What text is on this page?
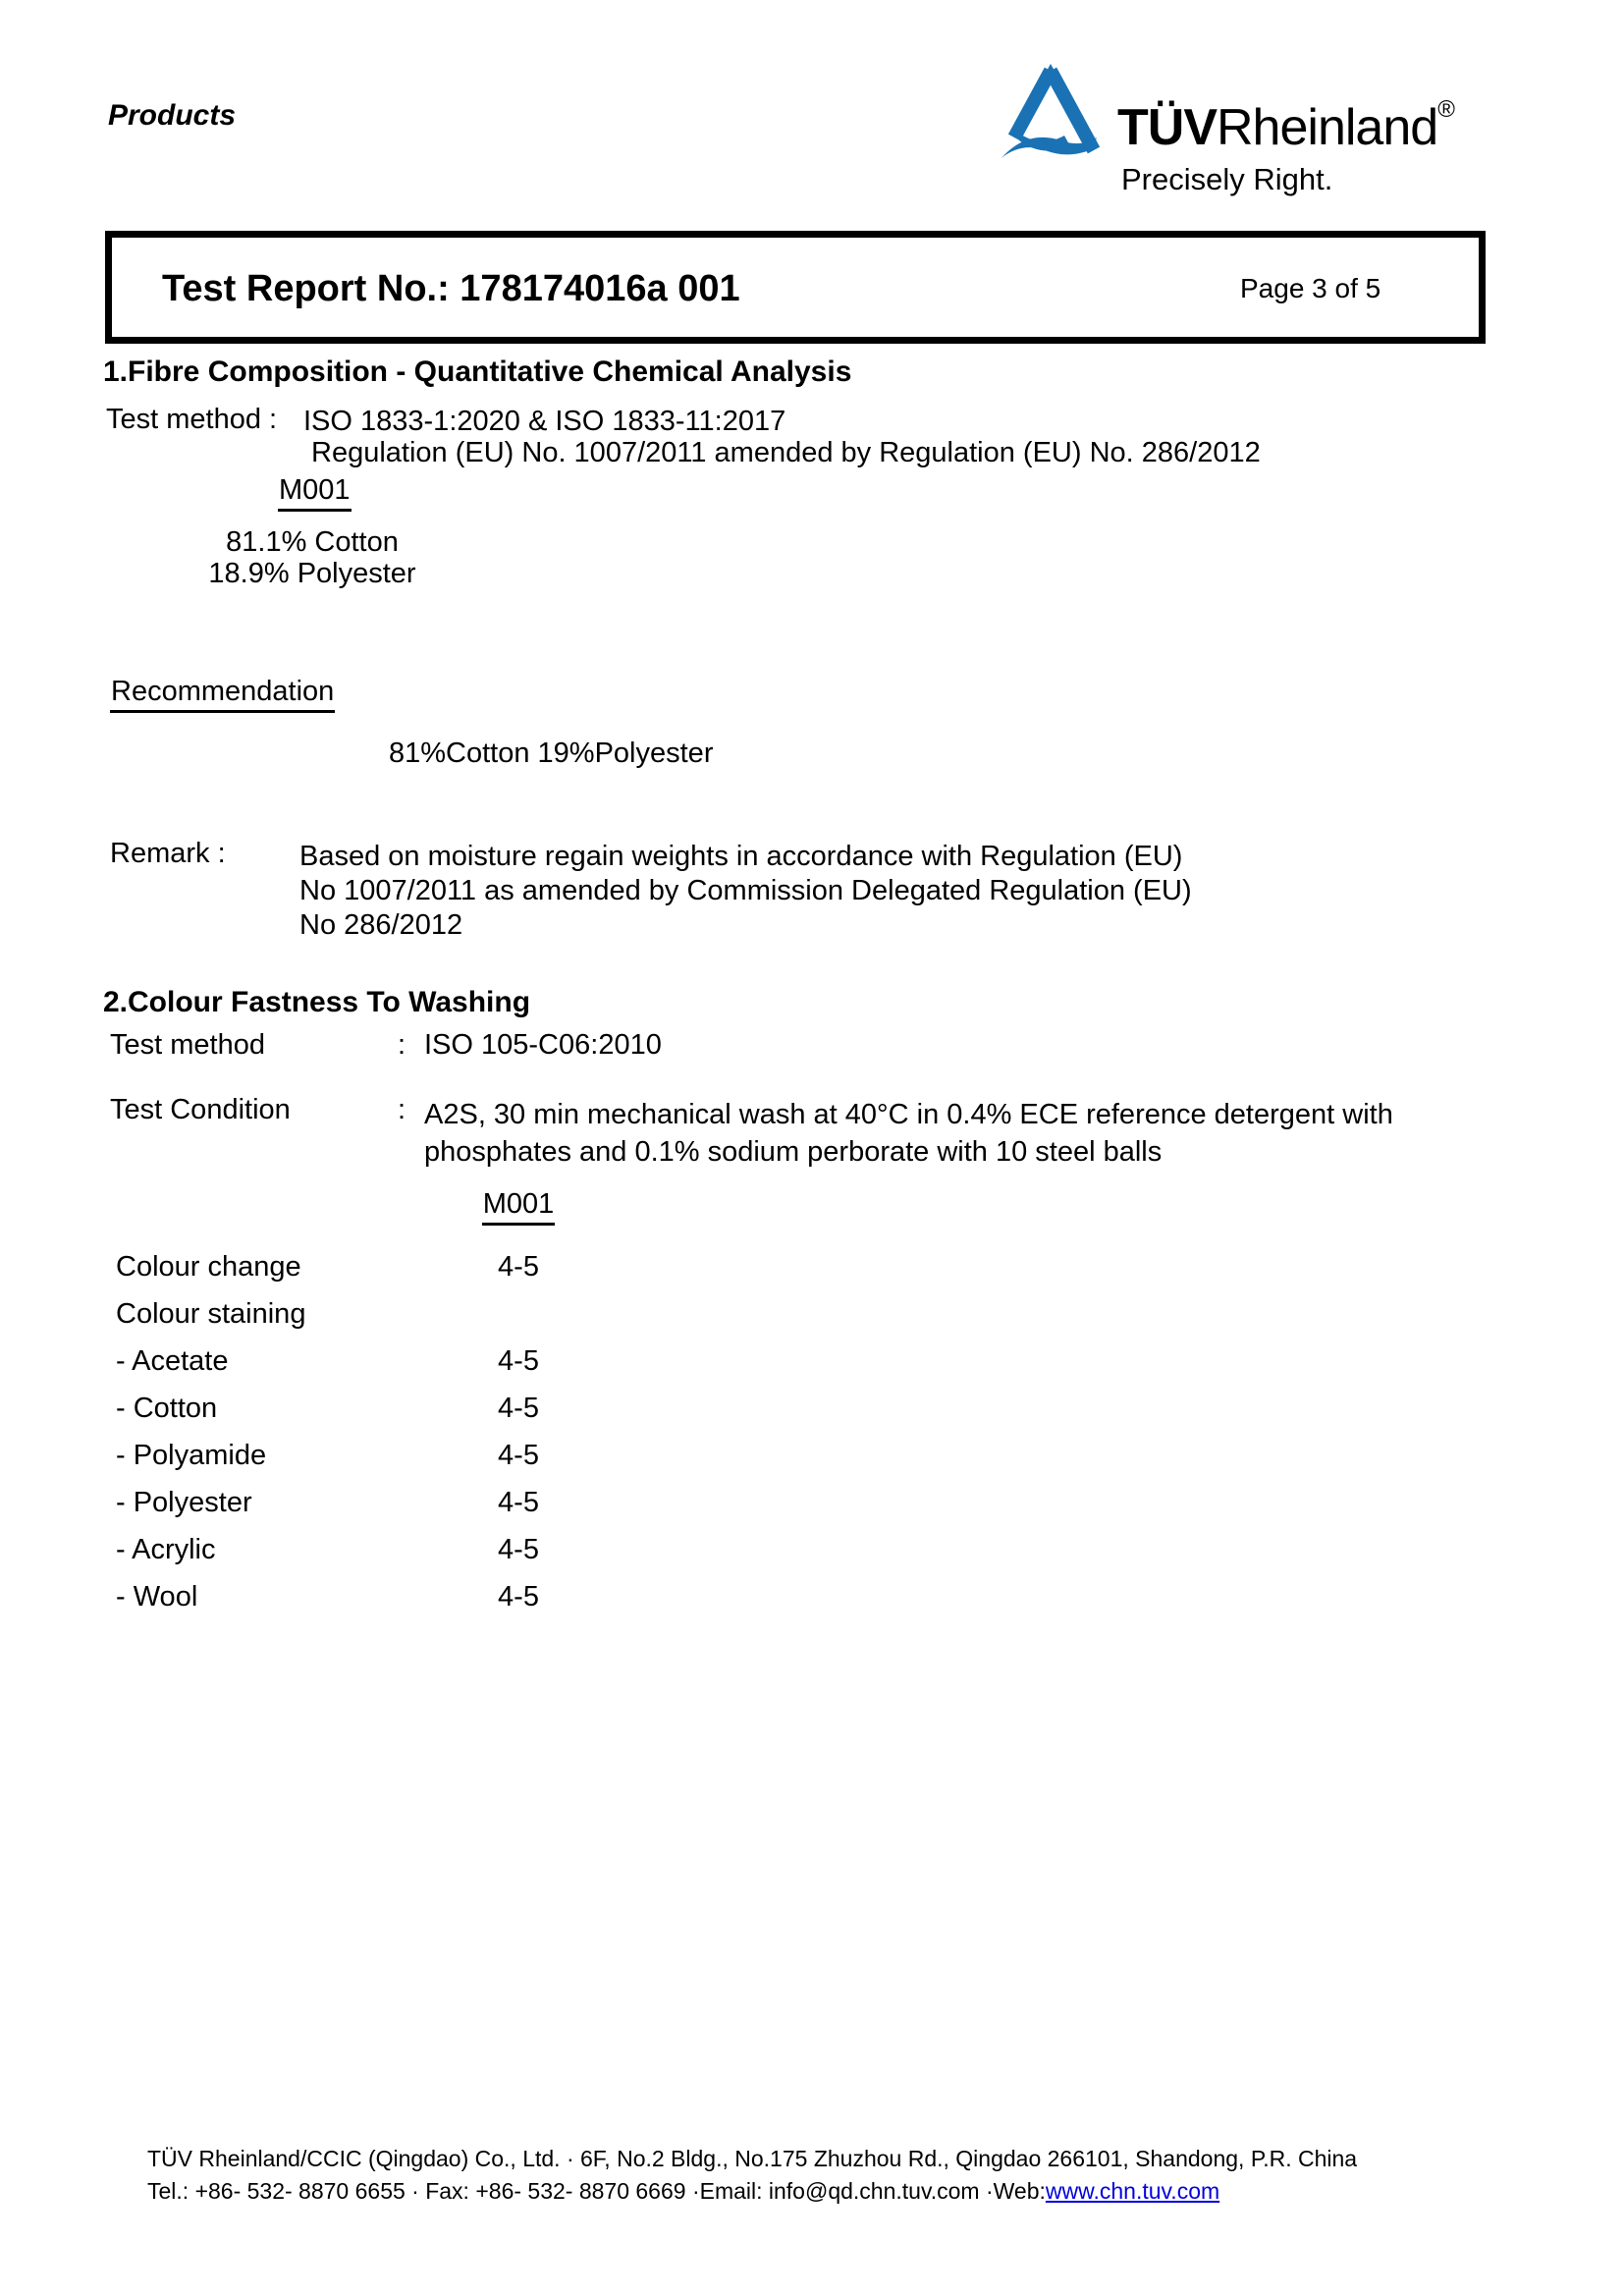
Products	TÜVRheinland®
Precisely Right.
Test Report No.: 178174016a 001	Page 3 of 5
1.Fibre Composition - Quantitative Chemical Analysis
Test method : ISO 1833-1:2020 & ISO 1833-11:2017
Regulation (EU) No. 1007/2011 amended by Regulation (EU) No. 286/2012
M001
81.1% Cotton
18.9% Polyester
Recommendation
81%Cotton 19%Polyester
Remark :	Based on moisture regain weights in accordance with Regulation (EU)
No 1007/2011 as amended by Commission Delegated Regulation (EU)
No 286/2012
2.Colour Fastness To Washing
Test method	: ISO 105-C06:2010
Test Condition	: A2S, 30 min mechanical wash at 40°C in 0.4% ECE reference detergent with
phosphates and 0.1% sodium perborate with 10 steel balls
M001
Colour change	4-5
Colour staining
- Acetate	4-5
- Cotton	4-5
- Polyamide	4-5
- Polyester	4-5
- Acrylic	4-5
- Wool	4-5
TÜV Rheinland/CCIC (Qingdao) Co., Ltd. · 6F, No.2 Bldg., No.175 Zhuzhou Rd., Qingdao 266101, Shandong, P.R. China
Tel.: +86- 532- 8870 6655 · Fax: +86- 532- 8870 6669 ·Email: info@qd.chn.tuv.com ·Web:www.chn.tuv.com
